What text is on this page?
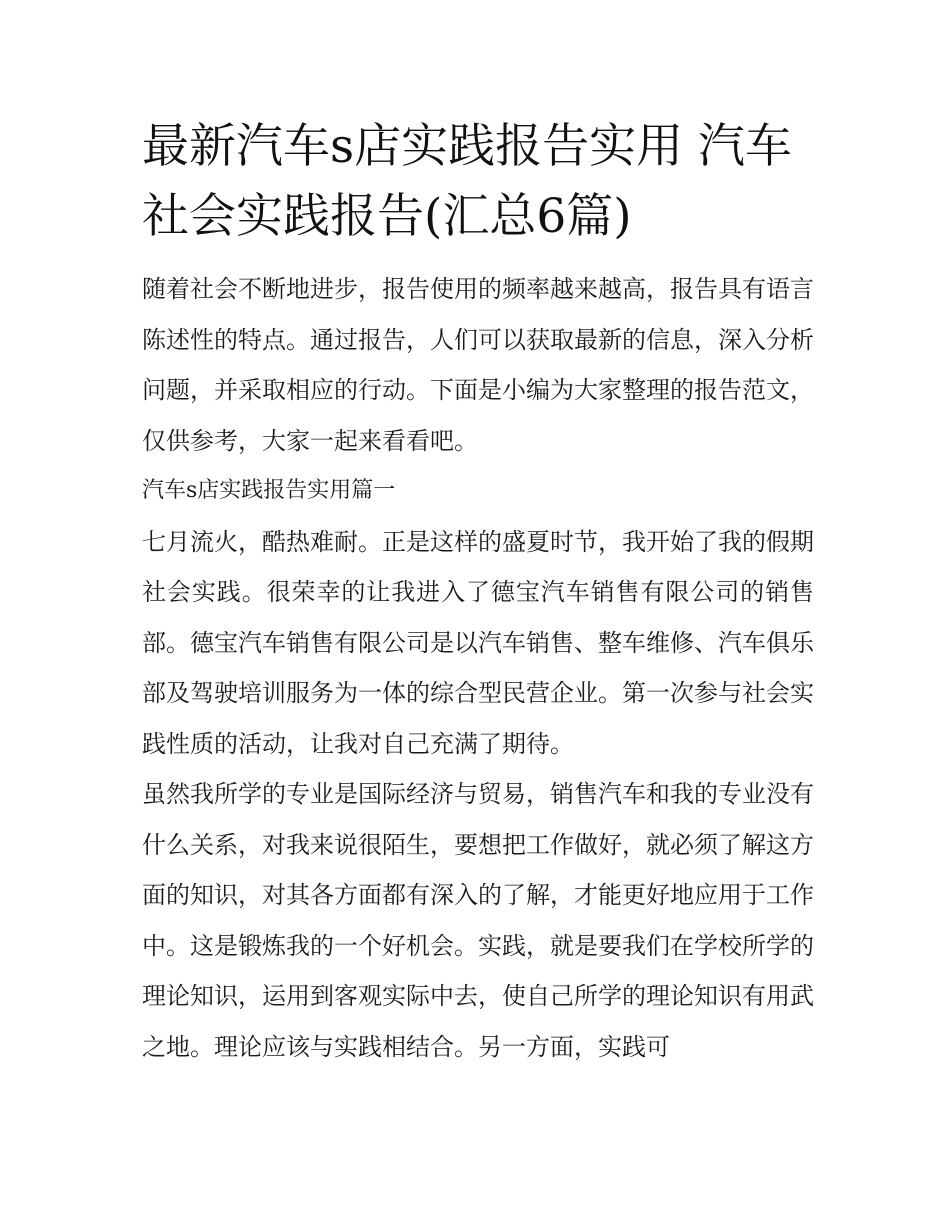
最新汽车s店实践报告实用 汽车社会实践报告(汇总6篇)

随着社会不断地进步，报告使用的频率越来越高，报告具有语言陈述性的特点。通过报告，人们可以获取最新的信息，深入分析问题，并采取相应的行动。下面是小编为大家整理的报告范文，仅供参考，大家一起来看看吧。

汽车s店实践报告实用篇一

七月流火，酷热难耐。正是这样的盛夏时节，我开始了我的假期社会实践。很荣幸的让我进入了德宝汽车销售有限公司的销售部。德宝汽车销售有限公司是以汽车销售、整车维修、汽车俱乐部及驾驶培训服务为一体的综合型民营企业。第一次参与社会实践性质的活动，让我对自己充满了期待。

虽然我所学的专业是国际经济与贸易，销售汽车和我的专业没有什么关系，对我来说很陌生，要想把工作做好，就必须了解这方面的知识，对其各方面都有深入的了解，才能更好地应用于工作中。这是锻炼我的一个好机会。实践，就是要我们在学校所学的理论知识，运用到客观实际中去，使自己所学的理论知识有用武之地。理论应该与实践相结合。另一方面，实践可
